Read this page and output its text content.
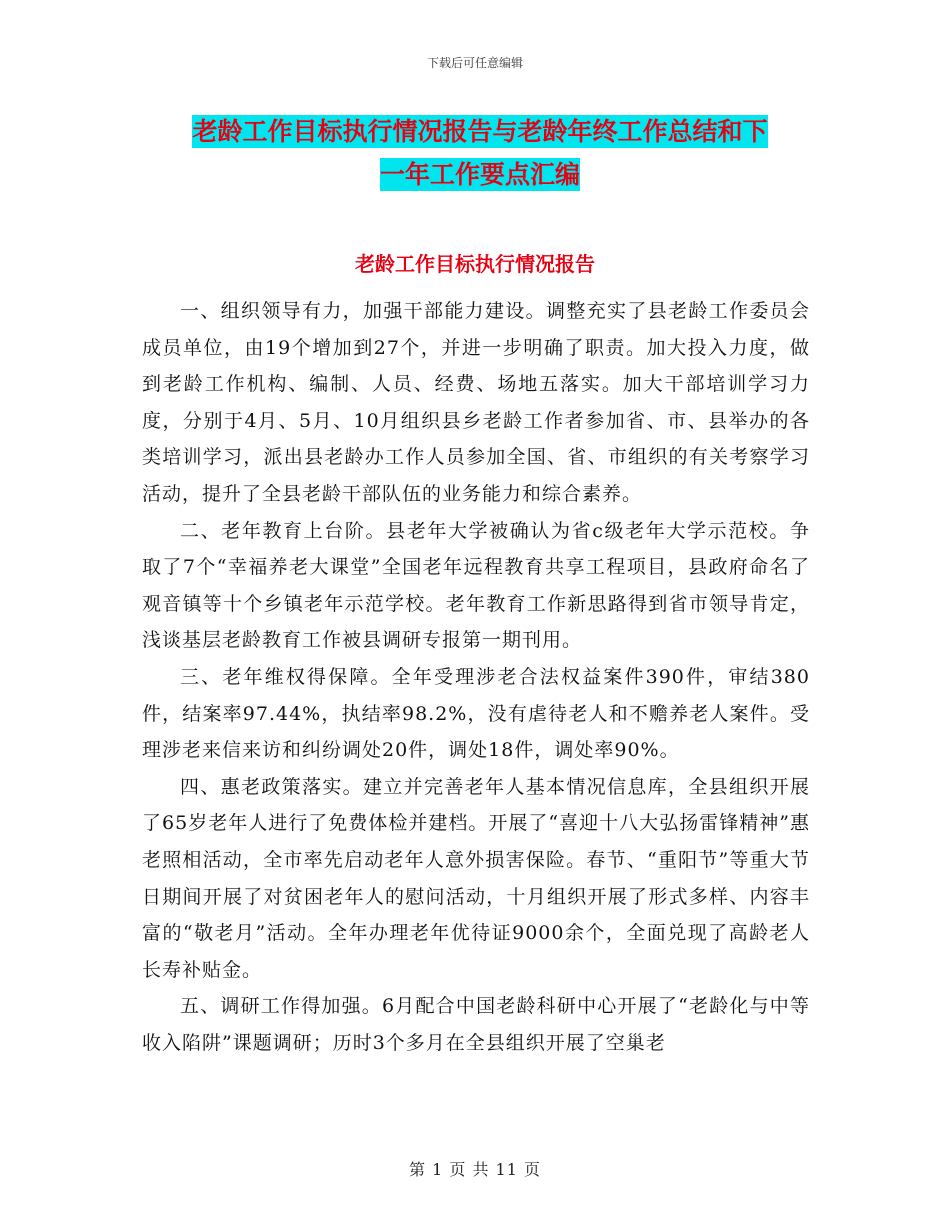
下载后可任意编辑
老龄工作目标执行情况报告与老龄年终工作总结和下
一年工作要点汇编
老龄工作目标执行情况报告

一、组织领导有力，加强干部能力建设。调整充实了县老龄工作委员会成员单位，由19个增加到27个，并进一步明确了职责。加大投入力度，做到老龄工作机构、编制、人员、经费、场地五落实。加大干部培训学习力度，分别于4月、5月、10月组织县乡老龄工作者参加省、市、县举办的各类培训学习，派出县老龄办工作人员参加全国、省、市组织的有关考察学习活动，提升了全县老龄干部队伍的业务能力和综合素养。

二、老年教育上台阶。县老年大学被确认为省c级老年大学示范校。争取了7个“幸福养老大课堂”全国老年远程教育共享工程项目，县政府命名了观音镇等十个乡镇老年示范学校。老年教育工作新思路得到省市领导肯定，浅谈基层老龄教育工作被县调研专报第一期刊用。

三、老年维权得保障。全年受理涉老合法权益案件390件，审结380件，结案率97.44%，执结率98.2%，没有虐待老人和不赡养老人案件。受理涉老来信来访和纠纷调处20件，调处18件，调处率90%。

四、惠老政策落实。建立并完善老年人基本情况信息库，全县组织开展了65岁老年人进行了免费体检并建档。开展了“喜迎十八大弘扬雷锋精神”惠老照相活动，全市率先启动老年人意外损害保险。春节、“重阳节”等重大节日期间开展了对贫困老年人的慰问活动，十月组织开展了形式多样、内容丰富的“敬老月”活动。全年办理老年优待证9000余个，全面兑现了高龄老人长寿补贴金。

五、调研工作得加强。6月配合中国老龄科研中心开展了“老龄化与中等收入陷阱”课题调研；历时3个多月在全县组织开展了空巢老

第 1 页 共 11 页
